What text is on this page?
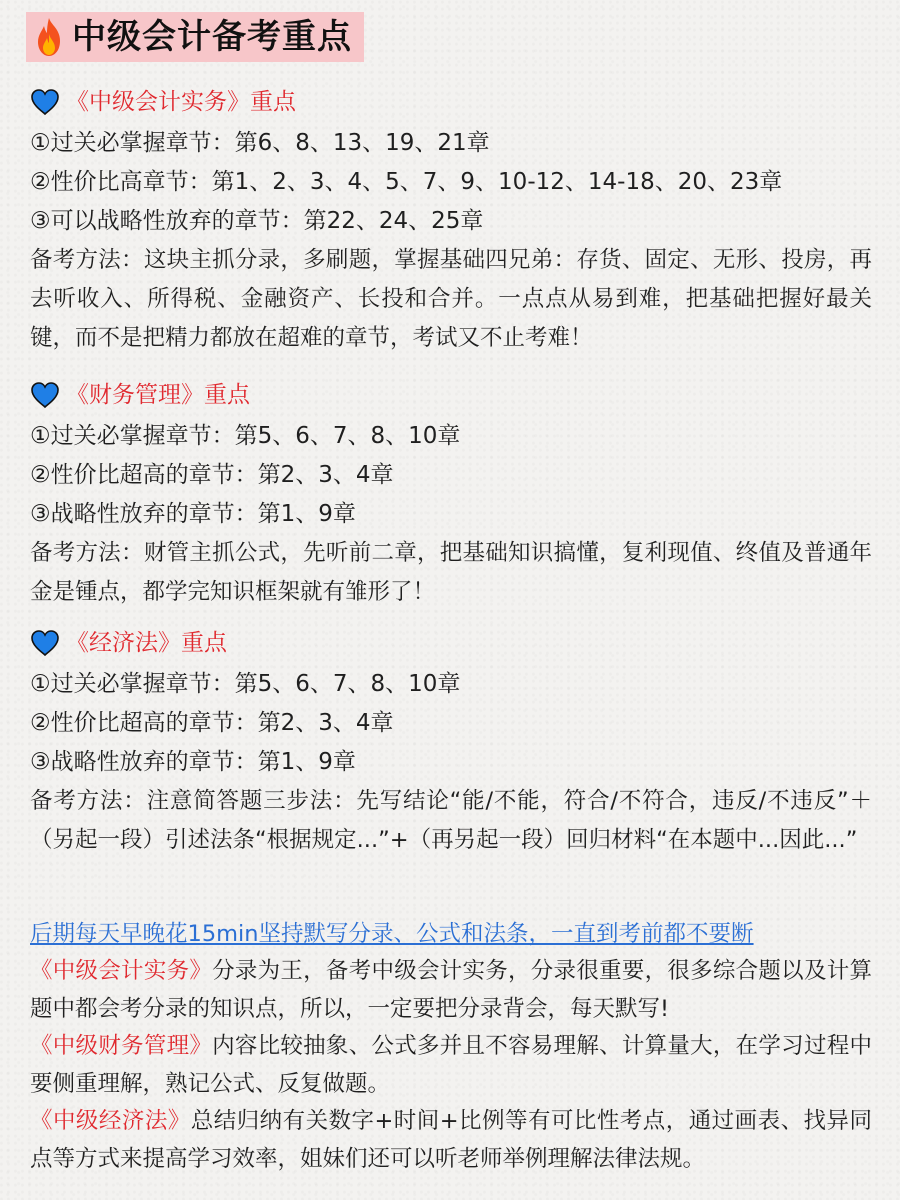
中级会计备考重点
《中级会计实务》重点
①过关必掌握章节：第6、8、13、19、21章
②性价比高章节：第1、2、3、4、5、7、9、10-12、14-18、20、23章
③可以战略性放弃的章节：第22、24、25章
备考方法：这块主抓分录，多刷题，掌握基础四兄弟：存货、固定、无形、投房，再去听收入、所得税、金融资产、长投和合并。一点点从易到难，把基础把握好最关键，而不是把精力都放在超难的章节，考试又不止考难！
《财务管理》重点
①过关必掌握章节：第5、6、7、8、10章
②性价比超高的章节：第2、3、4章
③战略性放弃的章节：第1、9章
备考方法：财管主抓公式，先听前二章，把基础知识搞懂，复利现值、终值及普通年金是锺点，都学完知识框架就有雏形了！
《经济法》重点
①过关必掌握章节：第5、6、7、8、10章
②性价比超高的章节：第2、3、4章
③战略性放弃的章节：第1、9章
备考方法：注意简答题三步法：先写结论“能/不能，符合/不符合，违反/不违反”＋（另起一段）引述法条“根据规定...”+（再另起一段）回归材料“在本题中...因此...”
后期每天早晚花15min坚持默写分录、公式和法条，一直到考前都不要断
《中级会计实务》分录为王，备考中级会计实务，分录很重要，很多综合题以及计算题中都会考分录的知识点，所以，一定要把分录背会，每天默写!
《中级财务管理》内容比较抽象、公式多并且不容易理解、计算量大，在学习过程中要侧重理解，熟记公式、反复做题。
《中级经济法》总结归纳有关数字+时间+比例等有可比性考点，通过画表、找异同点等方式来提高学习效率，姐妹们还可以听老师举例理解法律法规。
